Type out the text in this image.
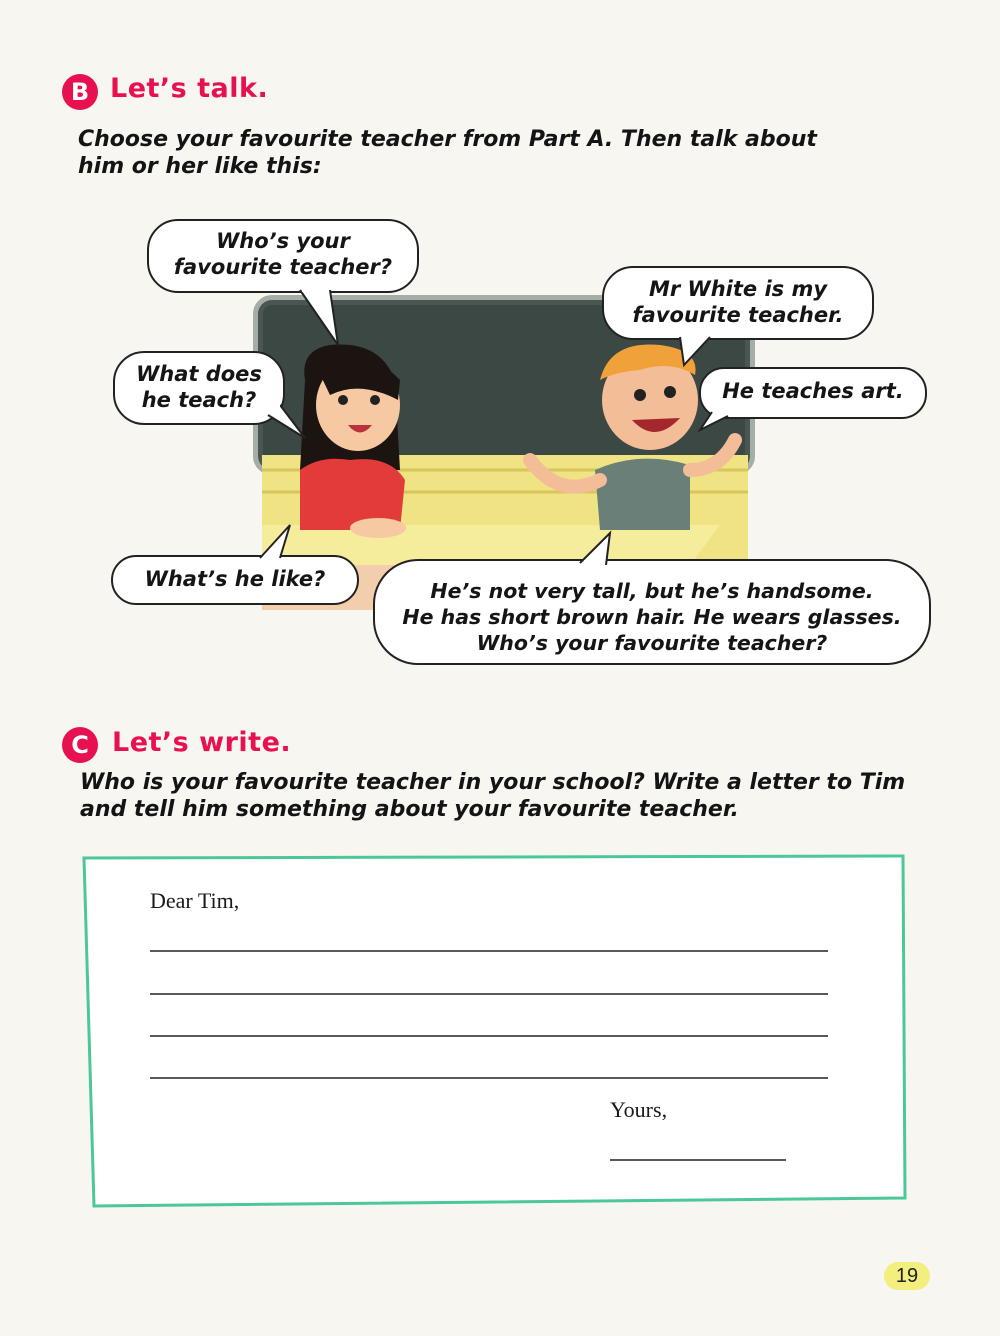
B Let’s talk.
Choose your favourite teacher from Part A. Then talk about
him or her like this:
Who’s your
favourite teacher?
Mr White is my
favourite teacher.
What does
he teach?	He teaches art.
What’s he like?	He’s not very tall, but he’s handsome.
He has short brown hair. He wears glasses.
Who’s your favourite teacher?
C Let’s write.
Who is your favourite teacher in your school? Write a letter to Tim
and tell him something about your favourite teacher.
Dear Tim,
Yours,
19
